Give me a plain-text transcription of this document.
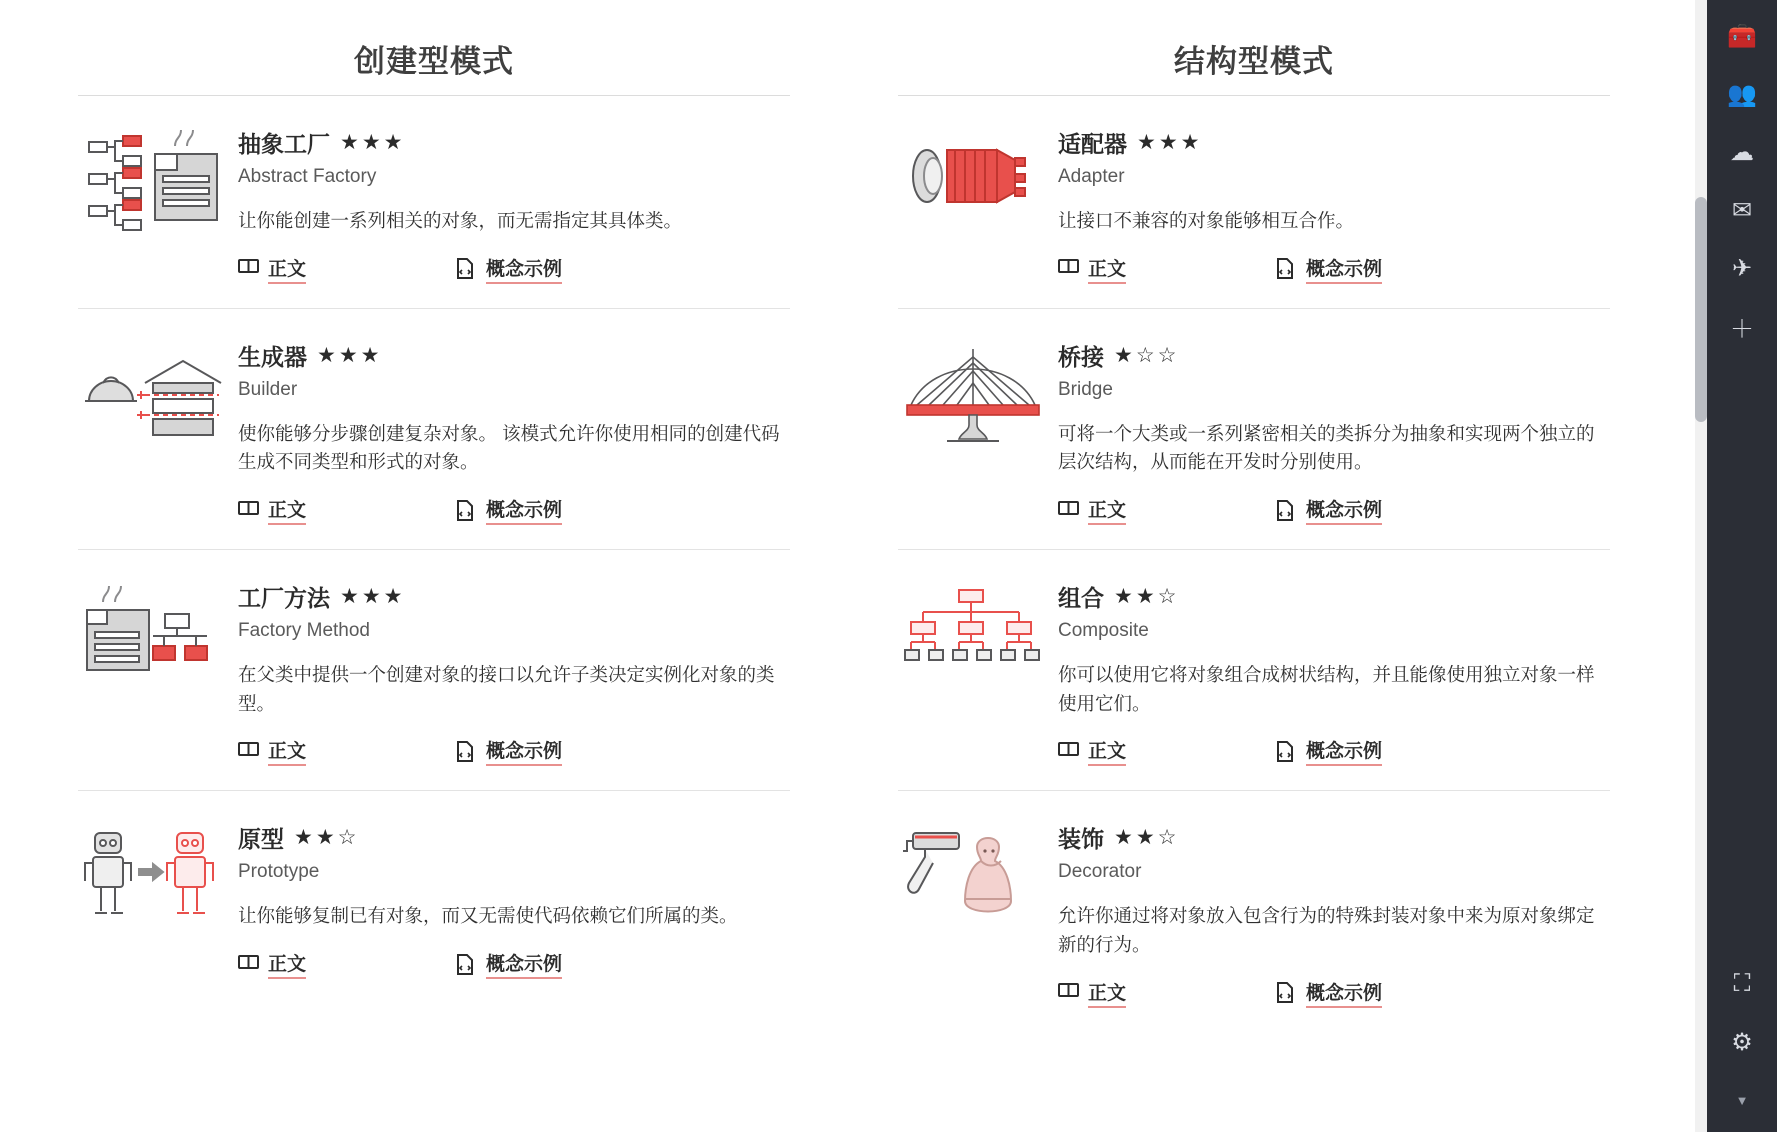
创建型模式
抽象工厂 ★★★
Abstract Factory
让你能创建一系列相关的对象，而无需指定其具体类。
正文	概念示例
生成器 ★★★
Builder
使你能够分步骤创建复杂对象。 该模式允许你使用相同的创建代码生成不同类型和形式的对象。
正文	概念示例
工厂方法 ★★★
Factory Method
在父类中提供一个创建对象的接口以允许子类决定实例化对象的类型。
正文	概念示例
原型 ★★☆
Prototype
让你能够复制已有对象，而又无需使代码依赖它们所属的类。
正文	概念示例
结构型模式
适配器 ★★★
Adapter
让接口不兼容的对象能够相互合作。
正文	概念示例
桥接 ★☆☆
Bridge
可将一个大类或一系列紧密相关的类拆分为抽象和实现两个独立的层次结构，从而能在开发时分别使用。
正文	概念示例
组合 ★★☆
Composite
你可以使用它将对象组合成树状结构，并且能像使用独立对象一样使用它们。
正文	概念示例
装饰 ★★☆
Decorator
允许你通过将对象放入包含行为的特殊封装对象中来为原对象绑定新的行为。
正文	概念示例
🧰
👥
☁
✉
✈
＋
⛶
⚙
▼
